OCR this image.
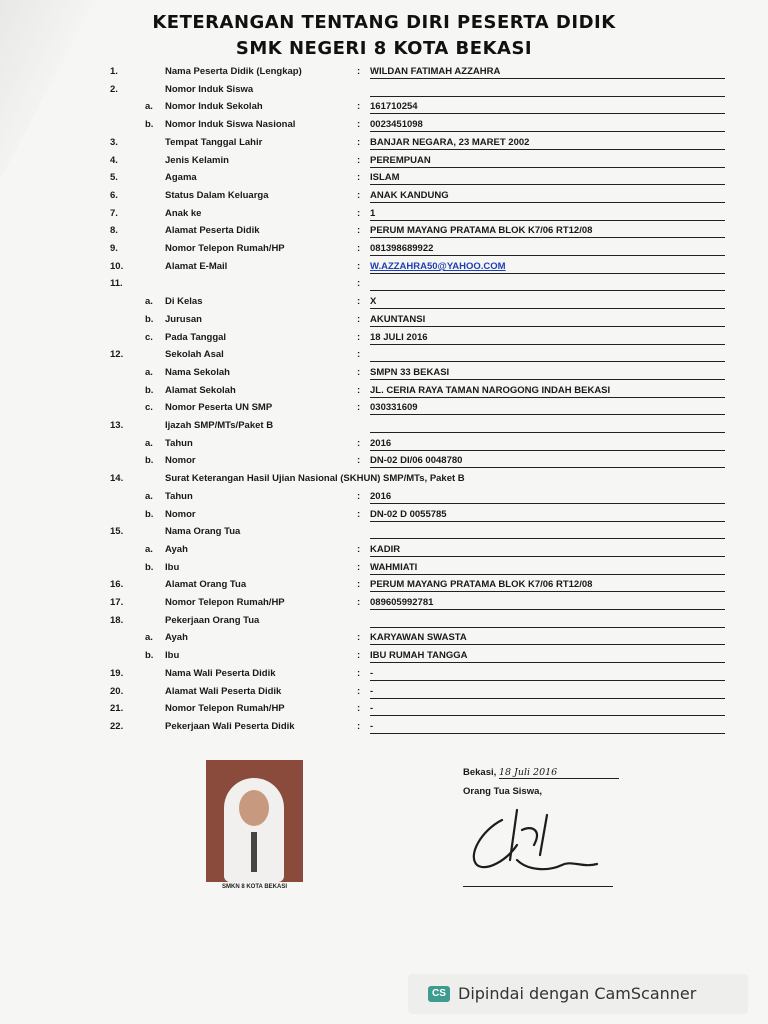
KETERANGAN TENTANG DIRI PESERTA DIDIK
SMK NEGERI 8 KOTA BEKASI
1.	Nama Peserta Didik (Lengkap)	:	WILDAN FATIMAH AZZAHRA
2.	Nomor Induk Siswa
a.	Nomor Induk Sekolah	:	161710254
b.	Nomor Induk Siswa Nasional	:	0023451098
3.	Tempat Tanggal Lahir	:	BANJAR NEGARA, 23 MARET 2002
4.	Jenis Kelamin	:	PEREMPUAN
5.	Agama	:	ISLAM
6.	Status Dalam Keluarga	:	ANAK KANDUNG
7.	Anak ke	:	1
8.	Alamat Peserta Didik	:	PERUM MAYANG PRATAMA BLOK K7/06 RT12/08
9.	Nomor Telepon Rumah/HP	:	081398689922
10.	Alamat E-Mail	:	W.AZZAHRA50@YAHOO.COM
11.	:
a.	Di Kelas	:	X
b.	Jurusan	:	AKUNTANSI
c.	Pada Tanggal	:	18 JULI 2016
12.	Sekolah Asal	:
a.	Nama Sekolah	:	SMPN 33 BEKASI
b.	Alamat Sekolah	:	JL. CERIA RAYA TAMAN NAROGONG INDAH BEKASI
c.	Nomor Peserta UN SMP	:	030331609
13.	Ijazah SMP/MTs/Paket B
a.	Tahun	:	2016
b.	Nomor	:	DN-02 DI/06 0048780
14.	Surat Keterangan Hasil Ujian Nasional (SKHUN) SMP/MTs, Paket B
a.	Tahun	:	2016
b.	Nomor	:	DN-02 D 0055785
15.	Nama Orang Tua
a.	Ayah	:	KADIR
b.	Ibu	:	WAHMIATI
16.	Alamat Orang Tua	:	PERUM MAYANG PRATAMA BLOK K7/06 RT12/08
17.	Nomor Telepon Rumah/HP	:	089605992781
18.	Pekerjaan Orang Tua
a.	Ayah	:	KARYAWAN SWASTA
b.	Ibu	:	IBU RUMAH TANGGA
19.	Nama Wali Peserta Didik	:	-
20.	Alamat Wali Peserta Didik	:	-
21.	Nomor Telepon Rumah/HP	:	-
22.	Pekerjaan Wali Peserta Didik	:	-
SMKN 8 KOTA BEKASI
Bekasi, 18 Juli 2016
Orang Tua Siswa,
CS Dipindai dengan CamScanner
